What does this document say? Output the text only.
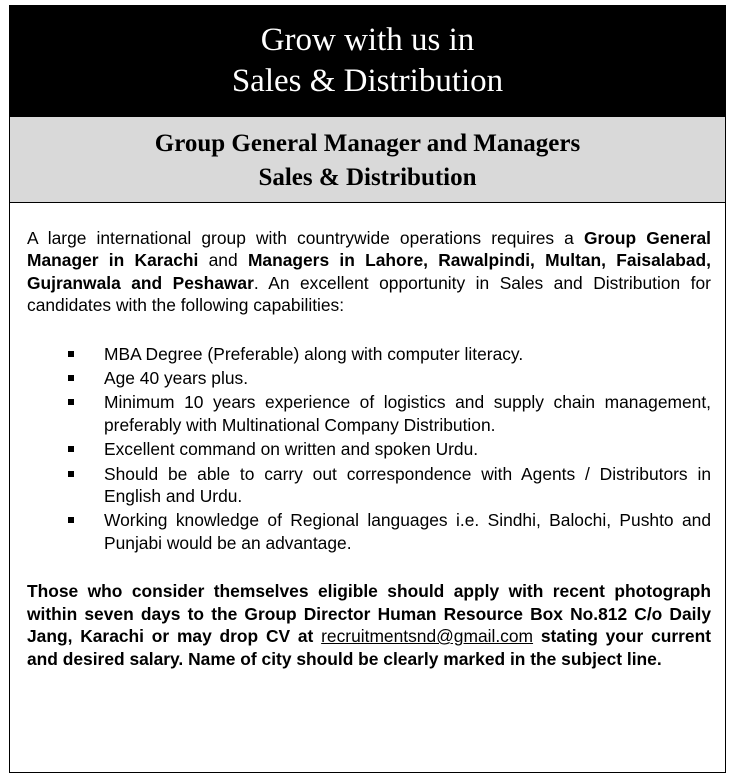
Grow with us in
Sales & Distribution
Group General Manager and Managers
Sales & Distribution

A large international group with countrywide operations requires a Group General Manager in Karachi and Managers in Lahore, Rawalpindi, Multan, Faisalabad, Gujranwala and Peshawar. An excellent opportunity in Sales and Distribution for candidates with the following capabilities:

MBA Degree (Preferable) along with computer literacy.
Age 40 years plus.
Minimum 10 years experience of logistics and supply chain management, preferably with Multinational Company Distribution.
Excellent command on written and spoken Urdu.
Should be able to carry out correspondence with Agents / Distributors in English and Urdu.
Working knowledge of Regional languages i.e. Sindhi, Balochi, Pushto and Punjabi would be an advantage.

Those who consider themselves eligible should apply with recent photograph within seven days to the Group Director Human Resource Box No.812 C/o Daily Jang, Karachi or may drop CV at recruitmentsnd@gmail.com stating your current and desired salary. Name of city should be clearly marked in the subject line.
